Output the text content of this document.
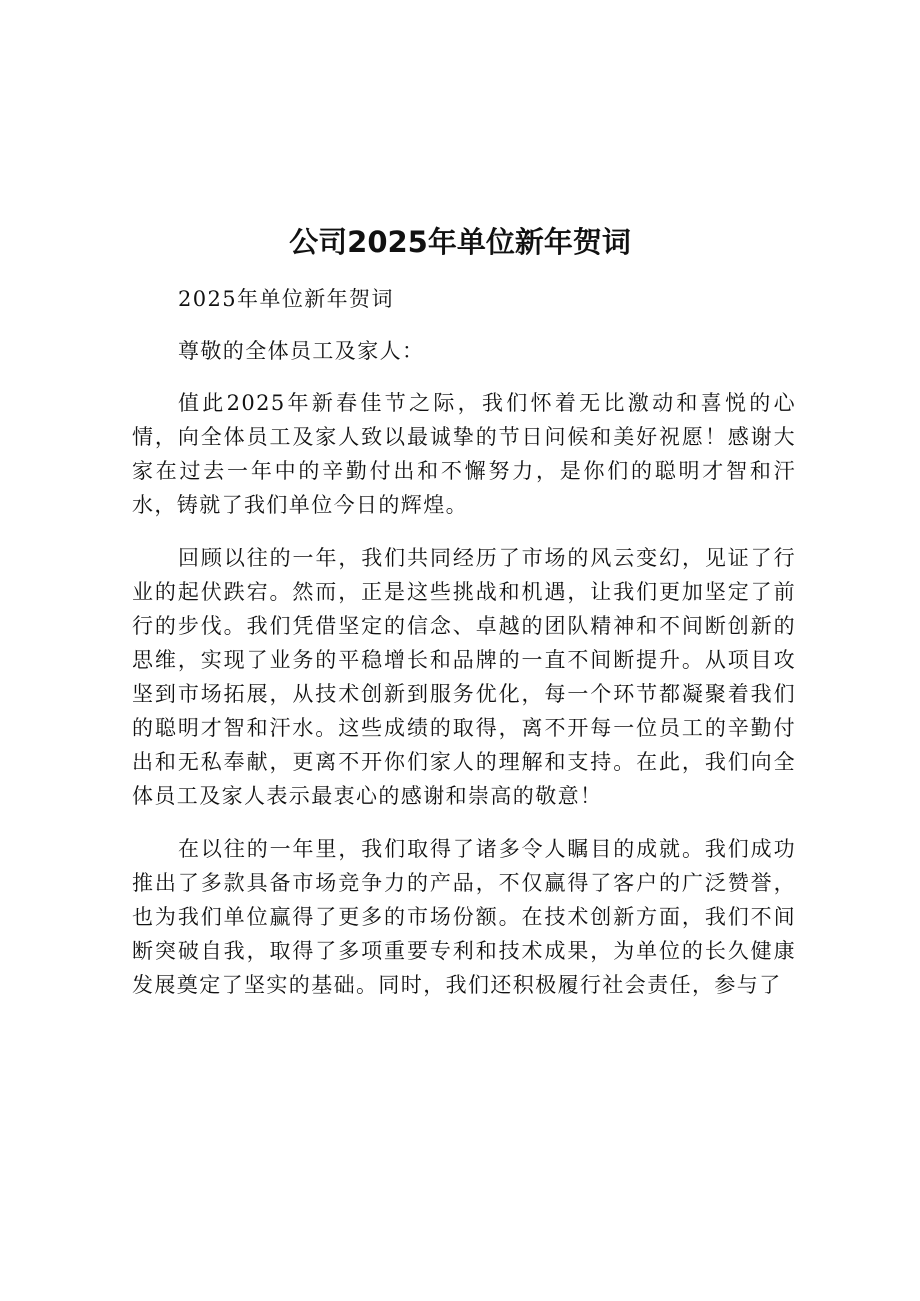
公司2025年单位新年贺词

2025年单位新年贺词

尊敬的全体员工及家人：

值此2025年新春佳节之际，我们怀着无比激动和喜悦的心情，向全体员工及家人致以最诚挚的节日问候和美好祝愿！感谢大家在过去一年中的辛勤付出和不懈努力，是你们的聪明才智和汗水，铸就了我们单位今日的辉煌。

回顾以往的一年，我们共同经历了市场的风云变幻，见证了行业的起伏跌宕。然而，正是这些挑战和机遇，让我们更加坚定了前行的步伐。我们凭借坚定的信念、卓越的团队精神和不间断创新的思维，实现了业务的平稳增长和品牌的一直不间断提升。从项目攻坚到市场拓展，从技术创新到服务优化，每一个环节都凝聚着我们的聪明才智和汗水。这些成绩的取得，离不开每一位员工的辛勤付出和无私奉献，更离不开你们家人的理解和支持。在此，我们向全体员工及家人表示最衷心的感谢和崇高的敬意！

在以往的一年里，我们取得了诸多令人瞩目的成就。我们成功推出了多款具备市场竞争力的产品，不仅赢得了客户的广泛赞誉，也为我们单位赢得了更多的市场份额。在技术创新方面，我们不间断突破自我，取得了多项重要专利和技术成果，为单位的长久健康发展奠定了坚实的基础。同时，我们还积极履行社会责任，参与了
